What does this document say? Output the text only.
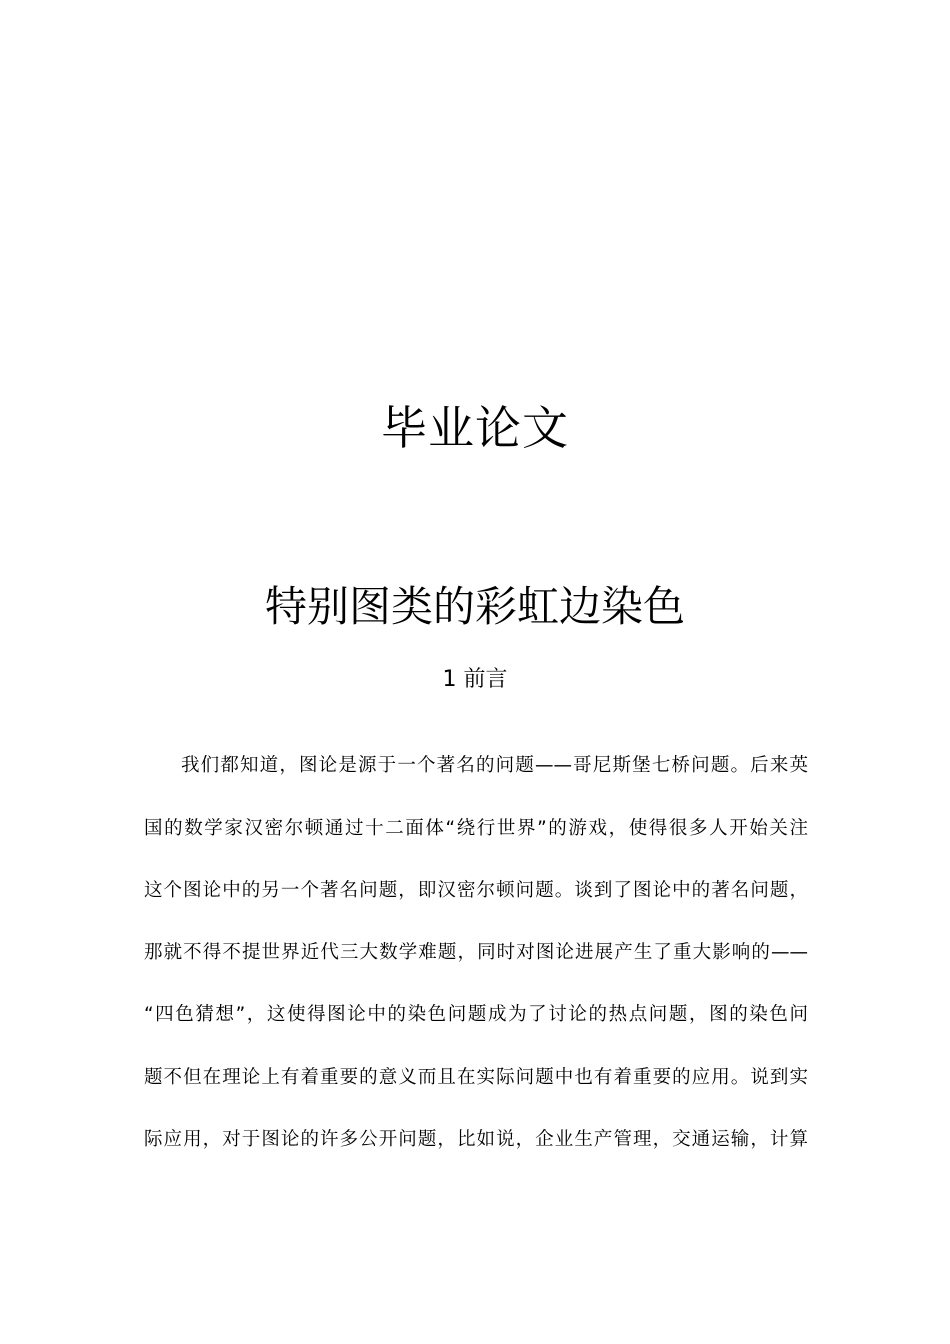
毕业论文
特别图类的彩虹边染色
1 前言
我们都知道，图论是源于一个著名的问题——哥尼斯堡七桥问题。后来英
国的数学家汉密尔顿通过十二面体“绕行世界”的游戏，使得很多人开始关注
这个图论中的另一个著名问题，即汉密尔顿问题。谈到了图论中的著名问题，
那就不得不提世界近代三大数学难题，同时对图论进展产生了重大影响的——
“四色猜想”，这使得图论中的染色问题成为了讨论的热点问题，图的染色问
题不但在理论上有着重要的意义而且在实际问题中也有着重要的应用。说到实
际应用，对于图论的许多公开问题，比如说，企业生产管理，交通运输，计算
